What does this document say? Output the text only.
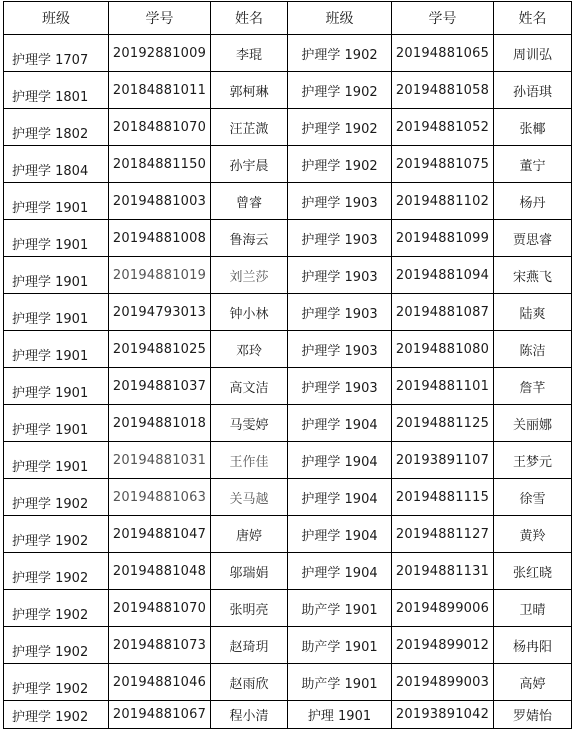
班级	学号	姓名	班级	学号	姓名
护理学 1707	20192881009	李琨	护理学 1902	20194881065	周训弘
护理学 1801	20184881011	郭柯琳	护理学 1902	20194881058	孙语琪
护理学 1802	20184881070	汪芷溦	护理学 1902	20194881052	张椰
护理学 1804	20184881150	孙宇晨	护理学 1902	20194881075	董宁
护理学 1901	20194881003	曾睿	护理学 1903	20194881102	杨丹
护理学 1901	20194881008	鲁海云	护理学 1903	20194881099	贾思睿
护理学 1901	20194881019	刘兰莎	护理学 1903	20194881094	宋燕飞
护理学 1901	20194793013	钟小林	护理学 1903	20194881087	陆爽
护理学 1901	20194881025	邓玲	护理学 1903	20194881080	陈洁
护理学 1901	20194881037	高文洁	护理学 1903	20194881101	詹芊
护理学 1901	20194881018	马雯婷	护理学 1904	20194881125	关丽娜
护理学 1901	20194881031	王作佳	护理学 1904	20193891107	王梦元
护理学 1902	20194881063	关马越	护理学 1904	20194881115	徐雪
护理学 1902	20194881047	唐婷	护理学 1904	20194881127	黄羚
护理学 1902	20194881048	邬瑞娟	护理学 1904	20194881131	张红晓
护理学 1902	20194881070	张明亮	助产学 1901	20194899006	卫晴
护理学 1902	20194881073	赵琦玥	助产学 1901	20194899012	杨冉阳
护理学 1902	20194881046	赵雨欣	助产学 1901	20194899003	高婷
护理学 1902	20194881067	程小清	护理 1901	20193891042	罗婧怡
